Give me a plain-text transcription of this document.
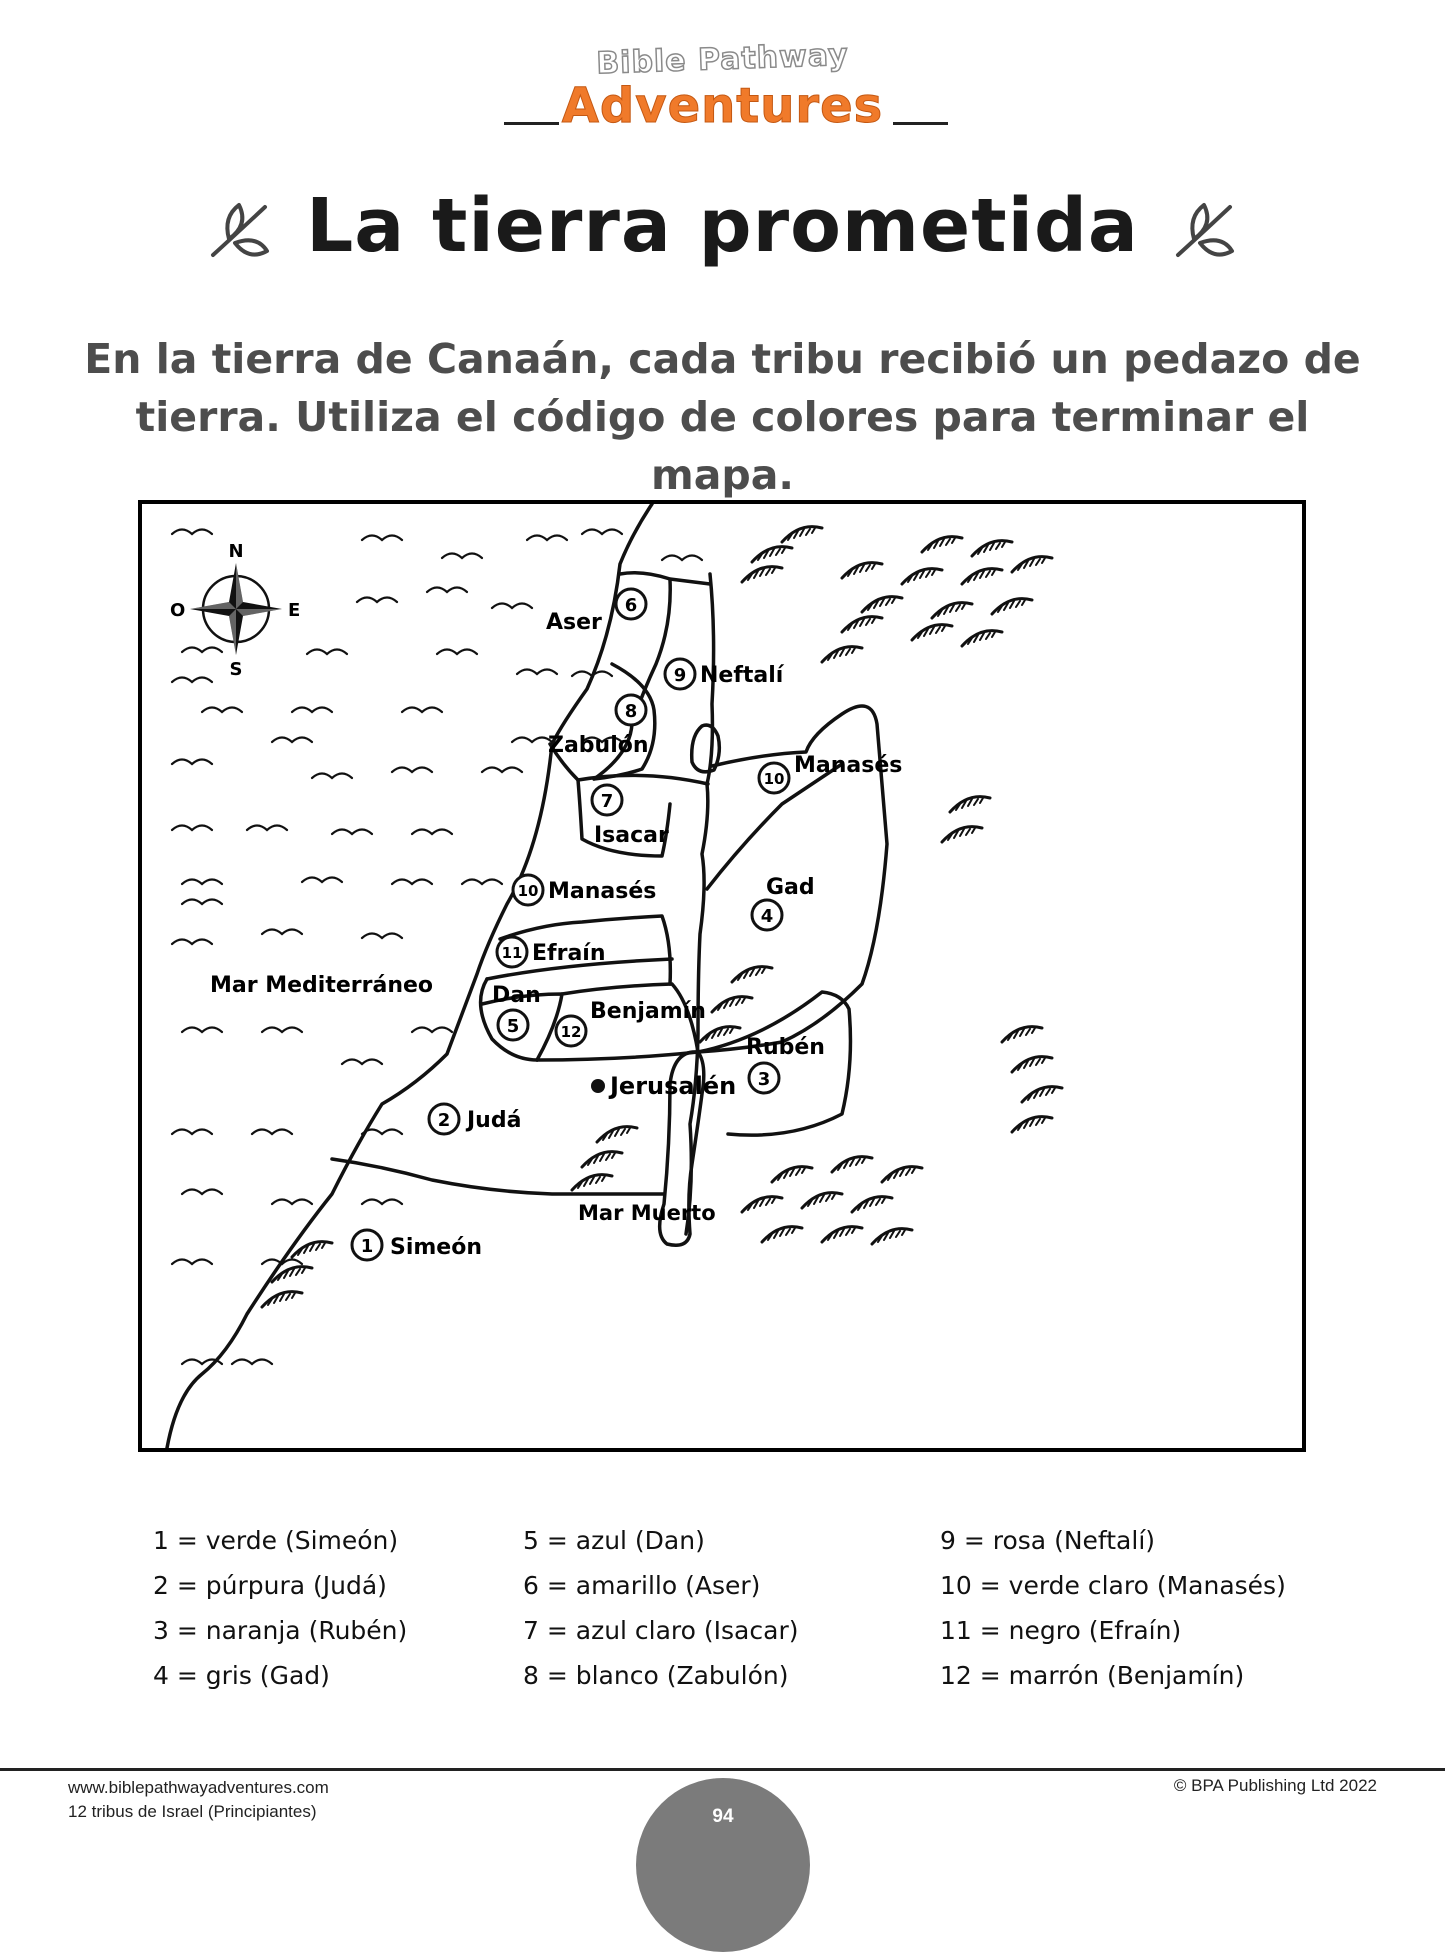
Bible Pathway
Adventures
La tierra prometida
En la tierra de Canaán, cada tribu recibió un pedazo de
tierra. Utiliza el código de colores para terminar el mapa.
N
S
E
O
Mar Mediterráneo
Mar Muerto
Jerusalén
1 Simeón
2 Judá
Rubén
3
Gad
4
Dan
5
Aser
6
7
Isacar
8
Zabulón
9 Neftalí
10
Manasés
10 Manasés
11 Efraín
12
Benjamín
1 = verde (Simeón)
2 = púrpura (Judá)
3 = naranja (Rubén)
4 = gris (Gad)
5 = azul (Dan)
6 = amarillo (Aser)
7 = azul claro (Isacar)
8 = blanco (Zabulón)
9 = rosa (Neftalí)
10 = verde claro (Manasés)
11 = negro (Efraín)
12 = marrón (Benjamín)
www.biblepathwayadventures.com
12 tribus de Israel (Principiantes)
© BPA Publishing Ltd 2022
94
